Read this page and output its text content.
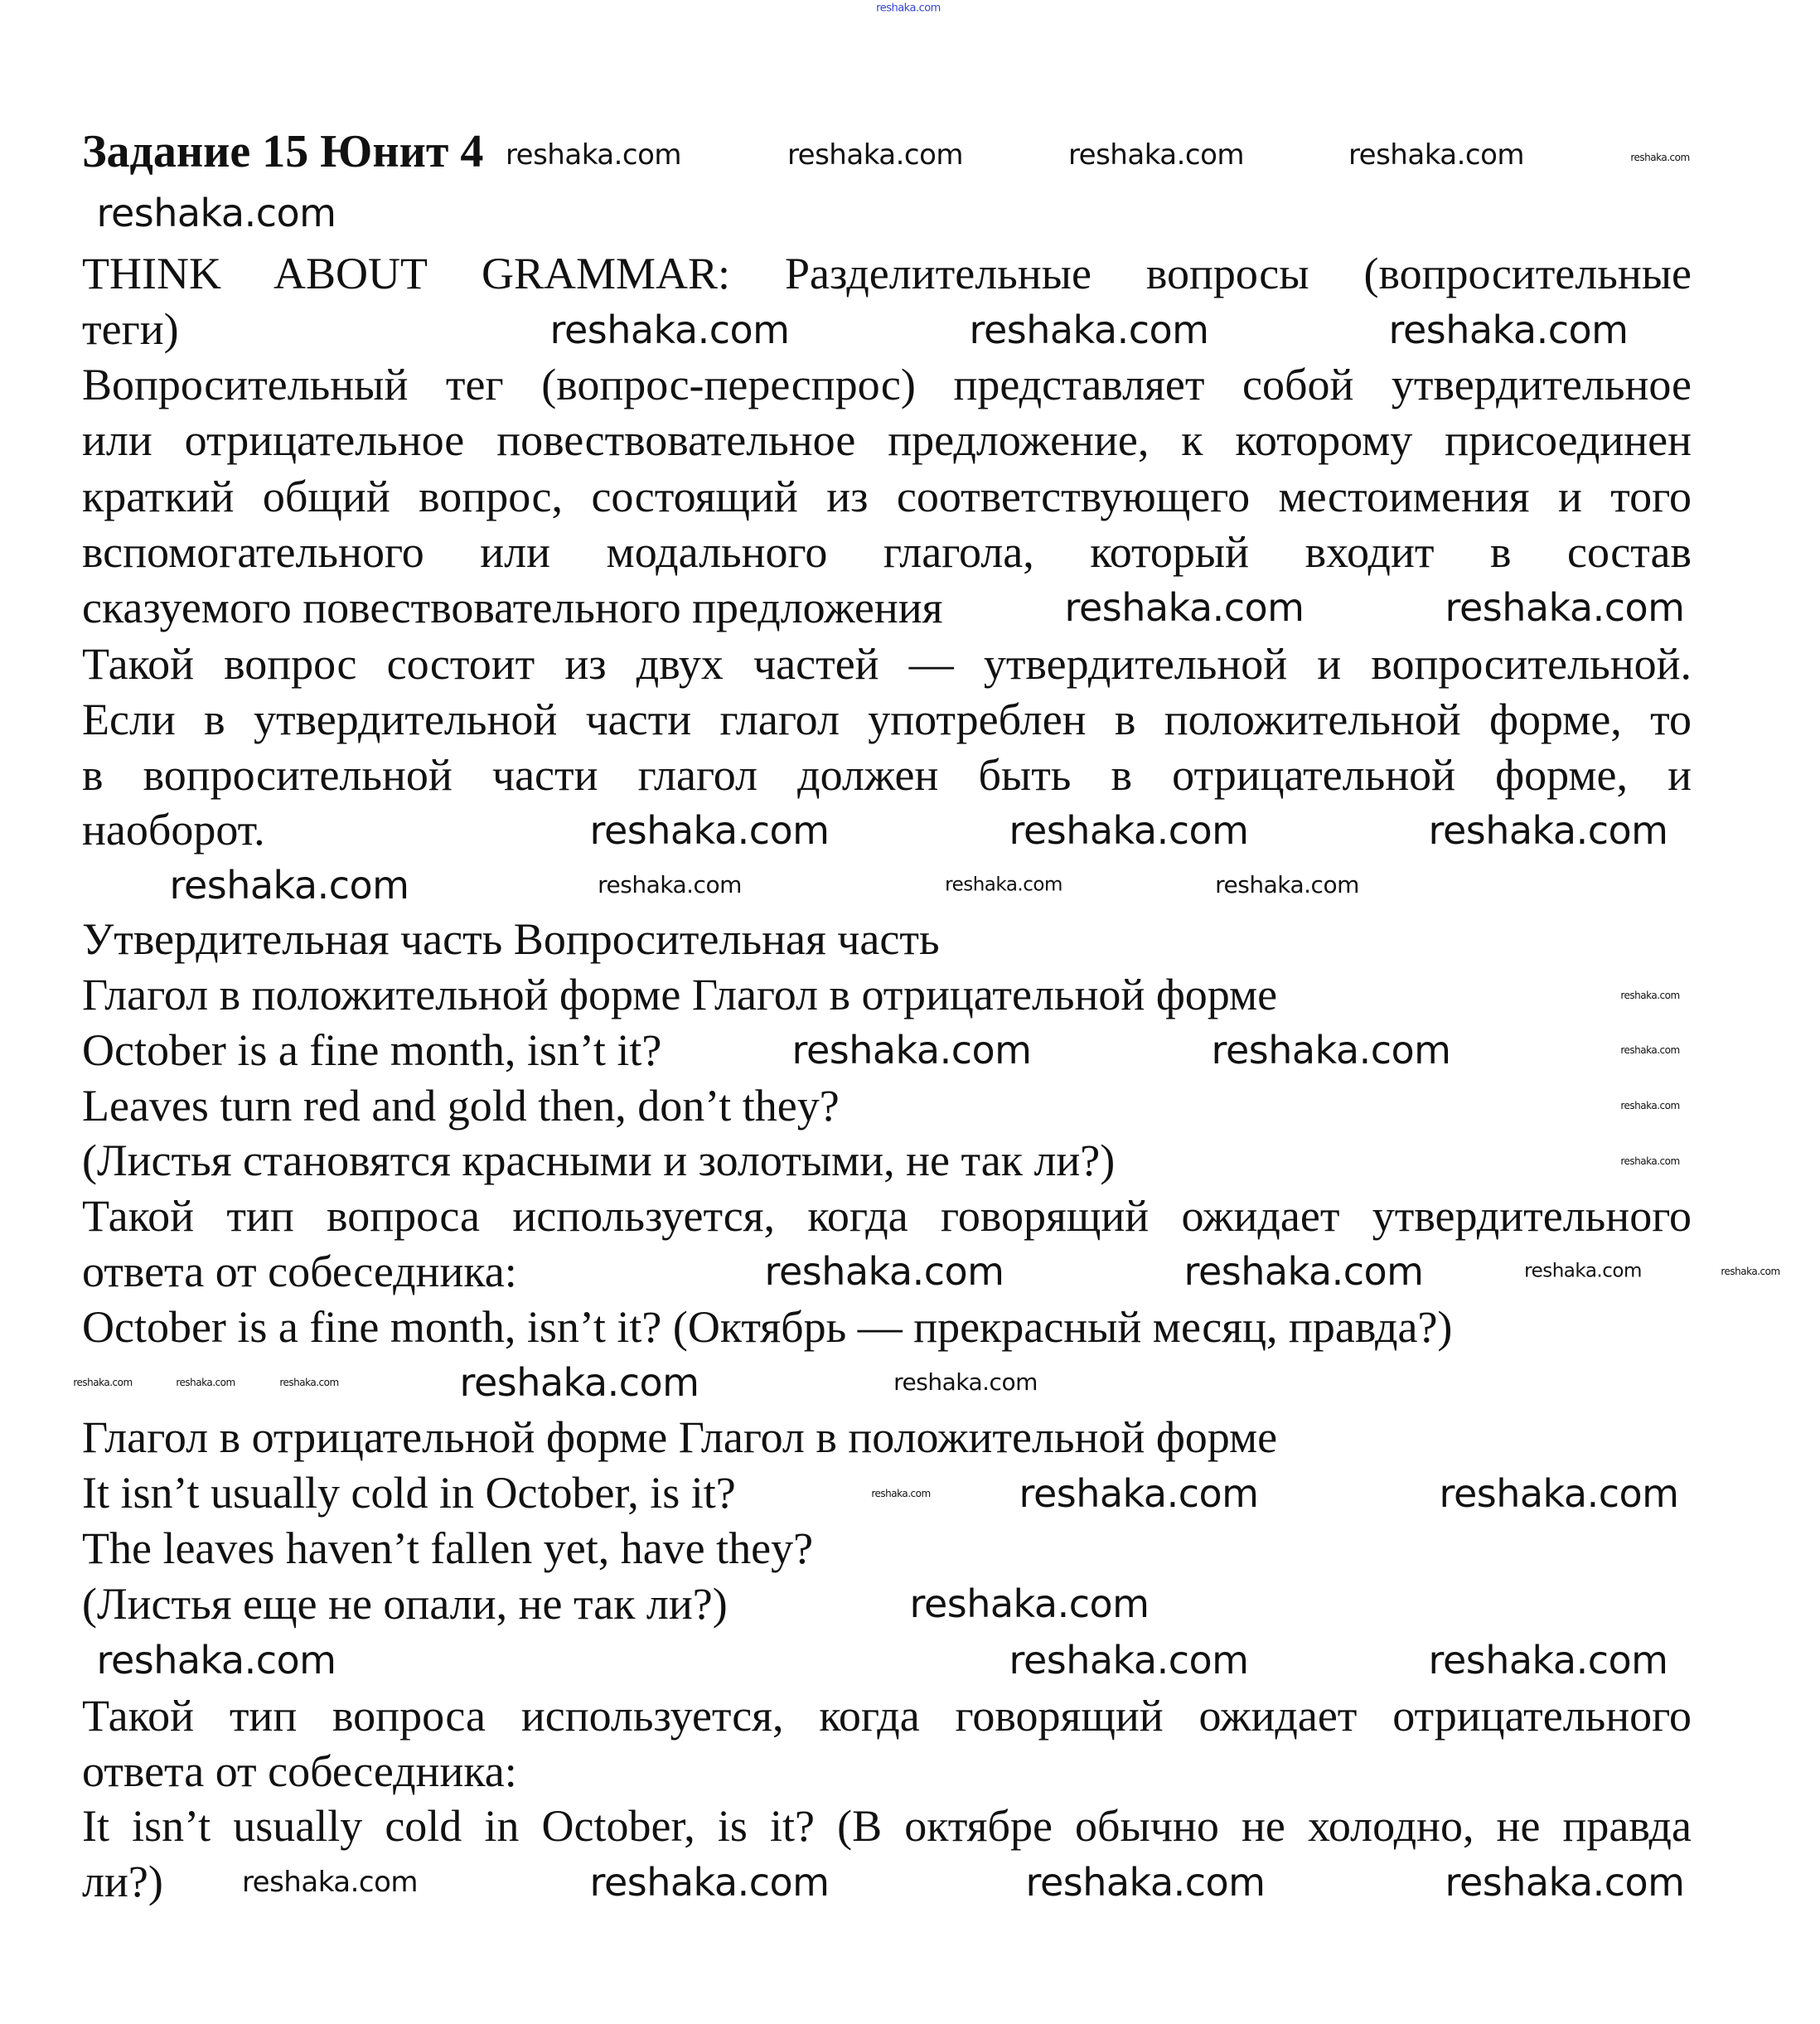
Задание 15 Юнит 4
THINK ABOUT GRAMMAR: Разделительные вопросы (вопросительные
теги)
Вопросительный тег (вопрос-переспрос) представляет собой утвердительное
или отрицательное повествовательное предложение, к которому присоединен
краткий общий вопрос, состоящий из соответствующего местоимения и того
вспомогательного или модального глагола, который входит в состав
сказуемого повествовательного предложения
Такой вопрос состоит из двух частей — утвердительной и вопросительной.
Если в утвердительной части глагол употреблен в положительной форме, то
в вопросительной части глагол должен быть в отрицательной форме, и
наоборот.
Утвердительная часть Вопросительная часть
Глагол в положительной форме Глагол в отрицательной форме
October is a fine month, isn’t it?
Leaves turn red and gold then, don’t they?
(Листья становятся красными и золотыми, не так ли?)
Такой тип вопроса используется, когда говорящий ожидает утвердительного
ответа от собеседника:
October is a fine month, isn’t it? (Октябрь — прекрасный месяц, правда?)
Глагол в отрицательной форме Глагол в положительной форме
It isn’t usually cold in October, is it?
The leaves haven’t fallen yet, have they?
(Листья еще не опали, не так ли?)
Такой тип вопроса используется, когда говорящий ожидает отрицательного
ответа от собеседника:
It isn’t usually cold in October, is it? (В октябре обычно не холодно, не правда
ли?)
reshaka.com
reshaka.com	reshaka.com	reshaka.com	reshaka.com	reshaka.com
reshaka.com
reshaka.com	reshaka.com	reshaka.com
reshaka.com	reshaka.com
reshaka.com	reshaka.com	reshaka.com
reshaka.com	reshaka.com	reshaka.com	reshaka.com
reshaka.com
reshaka.com	reshaka.com	reshaka.com
reshaka.com
reshaka.com
reshaka.com	reshaka.com	reshaka.com	reshaka.com
reshaka.com	reshaka.com	reshaka.com	reshaka.com	reshaka.com
reshaka.com reshaka.com	reshaka.com
reshaka.com
reshaka.com	reshaka.com	reshaka.com
reshaka.com	reshaka.com	reshaka.com	reshaka.com
